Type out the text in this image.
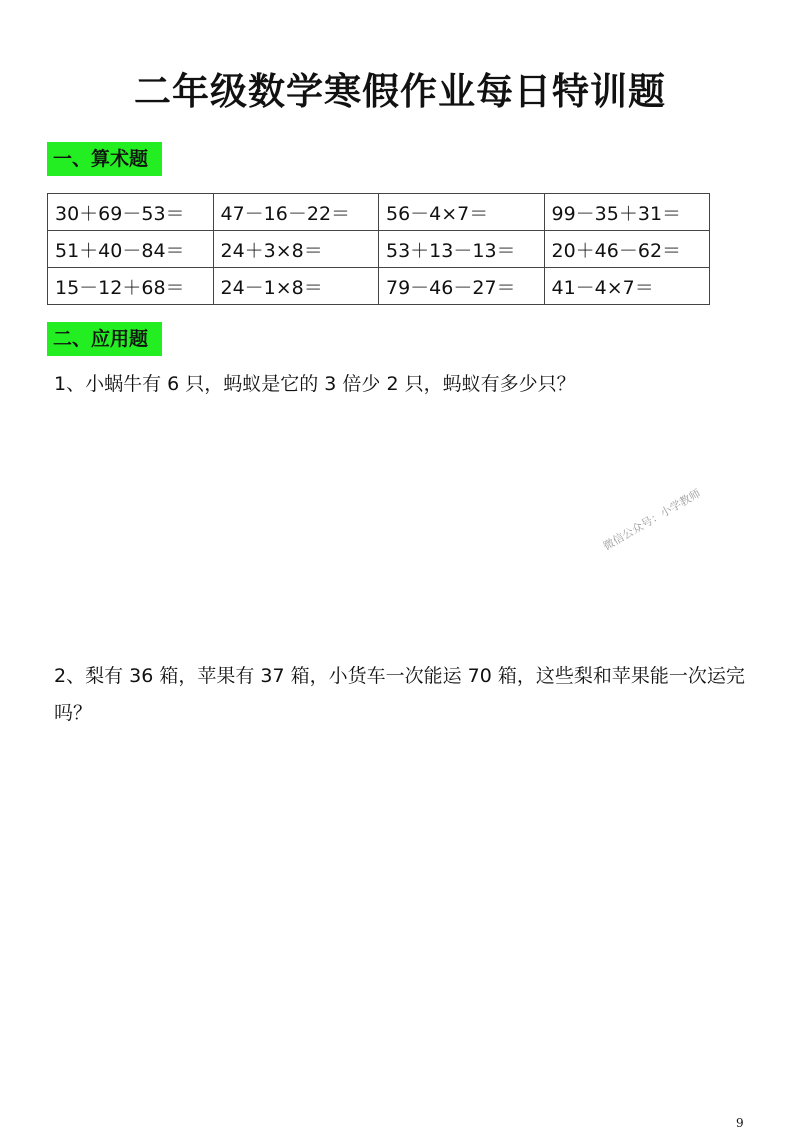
二年级数学寒假作业每日特训题
一、算术题
30＋69－53＝	47－16－22＝	56－4×7＝	99－35＋31＝
51＋40－84＝	24＋3×8＝	53＋13－13＝	20＋46－62＝
15－12＋68＝	24－1×8＝	79－46－27＝	41－4×7＝
二、应用题
1、小蜗牛有 6 只，蚂蚁是它的 3 倍少 2 只，蚂蚁有多少只？
微信公众号：小学教师
2、梨有 36 箱，苹果有 37 箱，小货车一次能运 70 箱，这些梨和苹果能一次运完吗？
9
